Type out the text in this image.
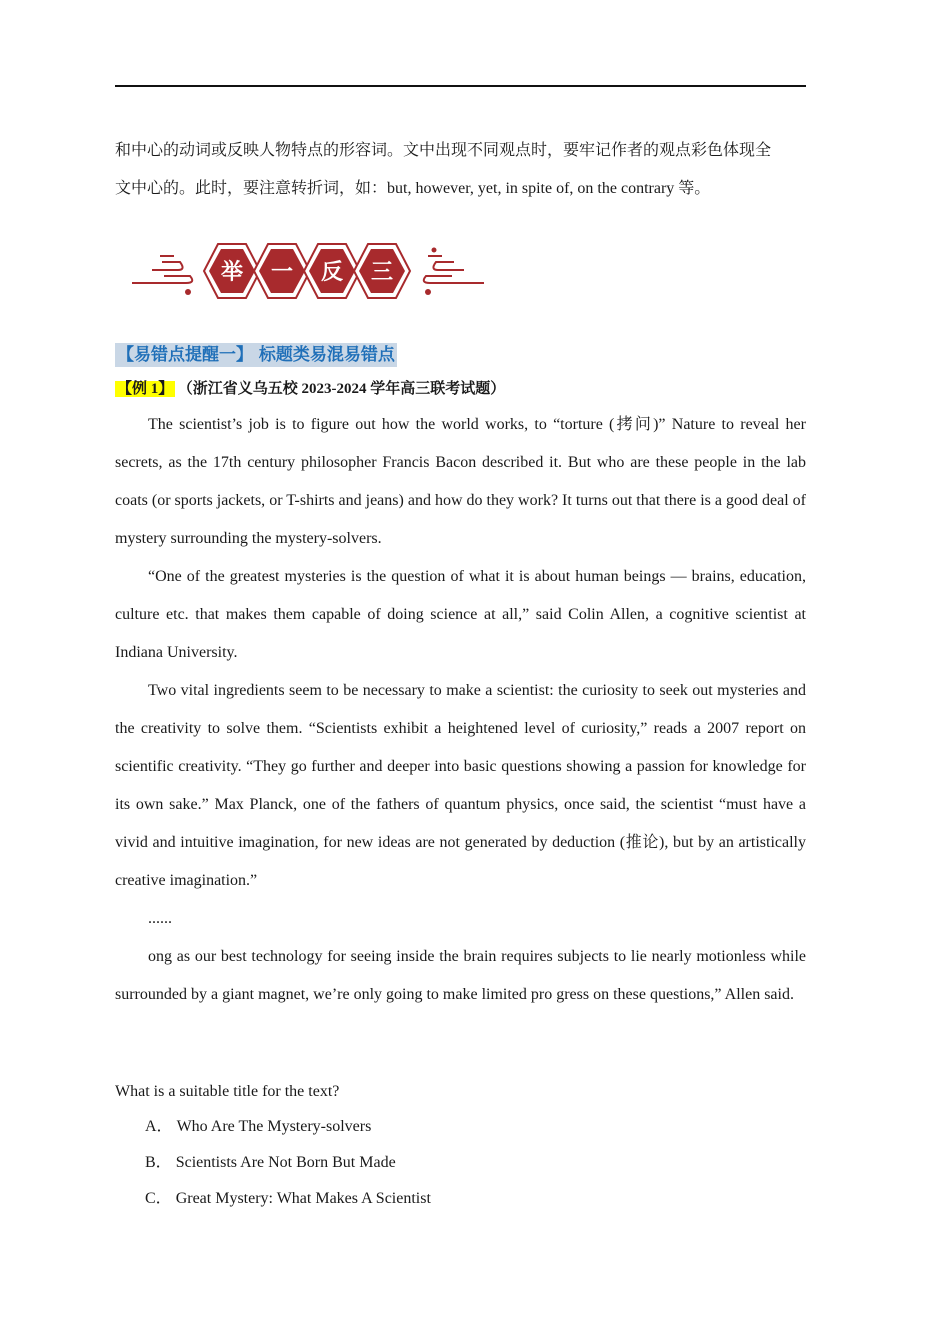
和中心的动词或反映人物特点的形容词。文中出现不同观点时，要牢记作者的观点彩色体现全

文中心的。此时，要注意转折词，如：but, however, yet, in spite of, on the contrary 等。

举 一 反 三
【易错点提醒一】 标题类易混易错点
【例 1】 （浙江省义乌五校 2023-2024 学年高三联考试题）

The scientist’s job is to figure out how the world works, to “torture (拷问)” Nature to reveal her secrets, as the 17th century philosopher Francis Bacon described it. But who are these people in the lab coats (or sports jackets, or T-shirts and jeans) and how do they work? It turns out that there is a good deal of mystery surrounding the mystery-solvers.

“One of the greatest mysteries is the question of what it is about human beings — brains, education, culture etc. that makes them capable of doing science at all,” said Colin Allen, a cognitive scientist at Indiana University.

Two vital ingredients seem to be necessary to make a scientist: the curiosity to seek out mysteries and the creativity to solve them. “Scientists exhibit a heightened level of curiosity,” reads a 2007 report on scientific creativity. “They go further and deeper into basic questions showing a passion for knowledge for its own sake.” Max Planck, one of the fathers of quantum physics, once said, the scientist “must have a vivid and intuitive imagination, for new ideas are not generated by deduction (推论), but by an artistically creative imagination.”

......

ong as our best technology for seeing inside the brain requires subjects to lie nearly motionless while surrounded by a giant magnet, we’re only going to make limited pro gress on these questions,” Allen said.

What is a suitable title for the text?
A． Who Are The Mystery-solvers
B． Scientists Are Not Born But Made
C． Great Mystery: What Makes A Scientist
